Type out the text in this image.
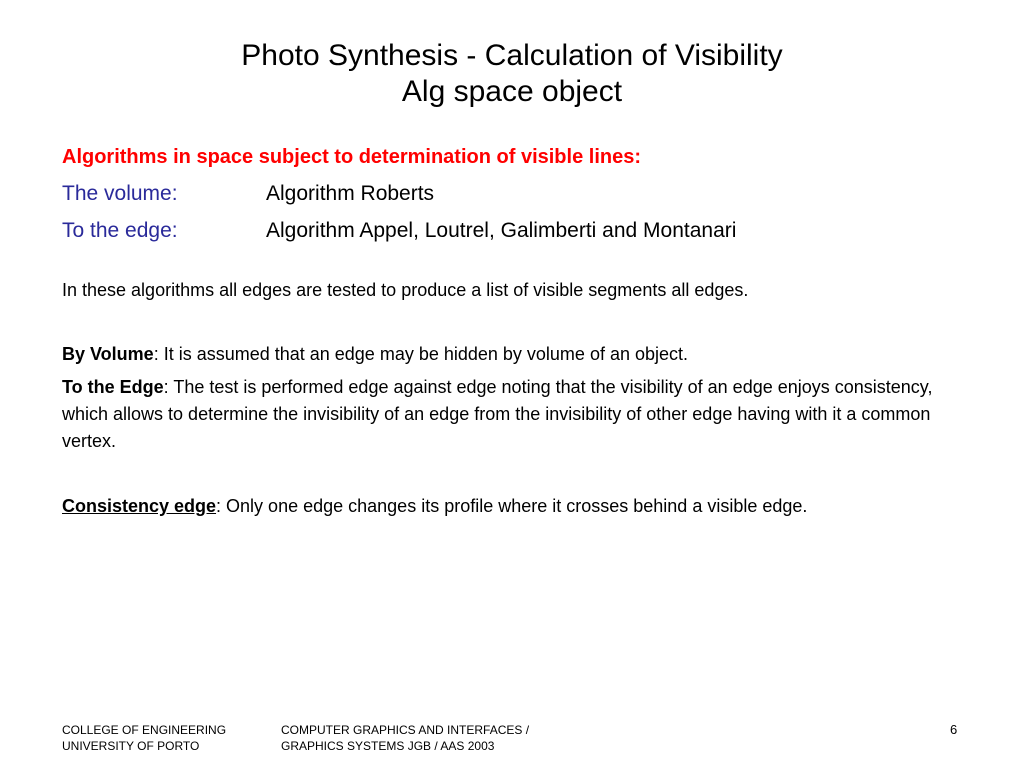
Photo Synthesis - Calculation of Visibility
Alg space object

Algorithms in space subject to determination of visible lines:

The volume:	Algorithm Roberts
To the edge:	Algorithm Appel, Loutrel, Galimberti and Montanari

In these algorithms all edges are tested to produce a list of visible segments all edges.

By Volume: It is assumed that an edge may be hidden by volume of an object.

To the Edge: The test is performed edge against edge noting that the visibility of an edge enjoys consistency, which allows to determine the invisibility of an edge from the invisibility of other edge having with it a common vertex.

Consistency edge: Only one edge changes its profile where it crosses behind a visible edge.

COLLEGE OF ENGINEERING
UNIVERSITY OF PORTO
COMPUTER GRAPHICS AND INTERFACES /
GRAPHICS SYSTEMS JGB / AAS 2003
6
